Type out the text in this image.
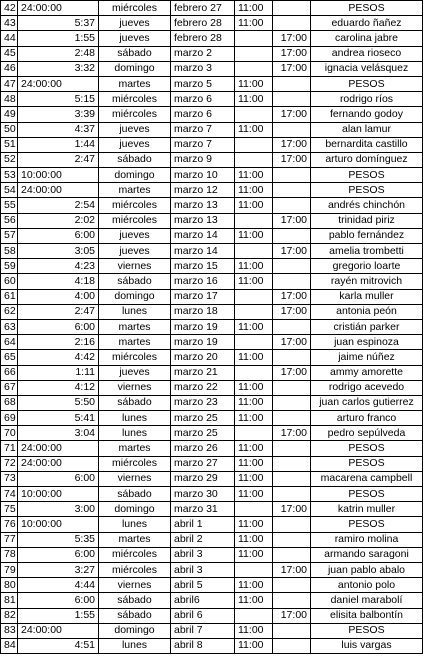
42	24:00:00	miércoles	febrero 27	11:00		PESOS
43	5:37	jueves	febrero 28	11:00		eduardo ñañez
44	1:55	jueves	febrero 28		17:00	carolina jabre
45	2:48	sábado	marzo 2		17:00	andrea rioseco
46	3:32	domingo	marzo 3		17:00	ignacia velásquez
47	24:00:00	martes	marzo 5	11:00		PESOS
48	5:15	miércoles	marzo 6	11:00		rodrigo ríos
49	3:39	miércoles	marzo 6		17:00	fernando godoy
50	4:37	jueves	marzo 7	11:00		alan lamur
51	1:44	jueves	marzo 7		17:00	bernardita castillo
52	2:47	sábado	marzo 9		17:00	arturo domínguez
53	10:00:00	domingo	marzo 10	11:00		PESOS
54	24:00:00	martes	marzo 12	11:00		PESOS
55	2:54	miércoles	marzo 13	11:00		andrés chinchón
56	2:02	miércoles	marzo 13		17:00	trinidad piriz
57	6:00	jueves	marzo 14	11:00		pablo fernández
58	3:05	jueves	marzo 14		17:00	amelia trombetti
59	4:23	viernes	marzo 15	11:00		gregorio loarte
60	4:18	sábado	marzo 16	11:00		rayén mitrovich
61	4:00	domingo	marzo 17		17:00	karla muller
62	2:47	lunes	marzo 18		17:00	antonia peón
63	6:00	martes	marzo 19	11:00		cristián parker
64	2:16	martes	marzo 19		17:00	juan espinoza
65	4:42	miércoles	marzo 20	11:00		jaime núñez
66	1:11	jueves	marzo 21		17:00	ammy amorette
67	4:12	viernes	marzo 22	11:00		rodrigo acevedo
68	5:50	sábado	marzo 23	11:00		juan carlos gutierrez
69	5:41	lunes	marzo 25	11:00		arturo franco
70	3:04	lunes	marzo 25		17:00	pedro sepúlveda
71	24:00:00	martes	marzo 26	11:00		PESOS
72	24:00:00	miércoles	marzo 27	11:00		PESOS
73	6:00	viernes	marzo 29	11:00		macarena campbell
74	10:00:00	sábado	marzo 30	11:00		PESOS
75	3:00	domingo	marzo 31		17:00	katrin muller
76	10:00:00	lunes	abril 1	11:00		PESOS
77	5:35	martes	abril 2	11:00		ramiro molina
78	6:00	miércoles	abril 3	11:00		armando saragoni
79	3:27	miércoles	abril 3		17:00	juan pablo abalo
80	4:44	viernes	abril 5	11:00		antonio polo
81	6:00	sábado	abril6	11:00		daniel marabolí
82	1:55	sábado	abril 6		17:00	elisita balbontín
83	24:00:00	domingo	abril 7	11:00		PESOS
84	4:51	lunes	abril 8	11:00		luis vargas
